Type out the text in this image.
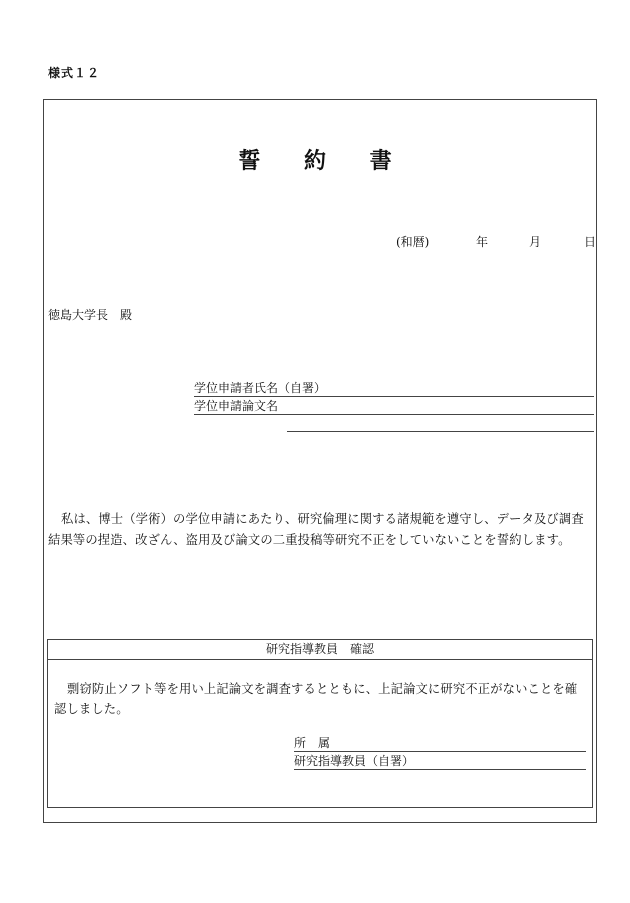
様式１２
誓 約 書
(和暦)	年	月	日
徳島大学長　殿
学位申請者氏名（自署）
学位申請論文名
私は、博士（学術）の学位申請にあたり、研究倫理に関する諸規範を遵守し、データ及び調査結果等の捏造、改ざん、盗用及び論文の二重投稿等研究不正をしていないことを誓約します。
研究指導教員　確認
剽窃防止ソフト等を用い上記論文を調査するとともに、上記論文に研究不正がないことを確認しました。
所　属
研究指導教員（自署）
